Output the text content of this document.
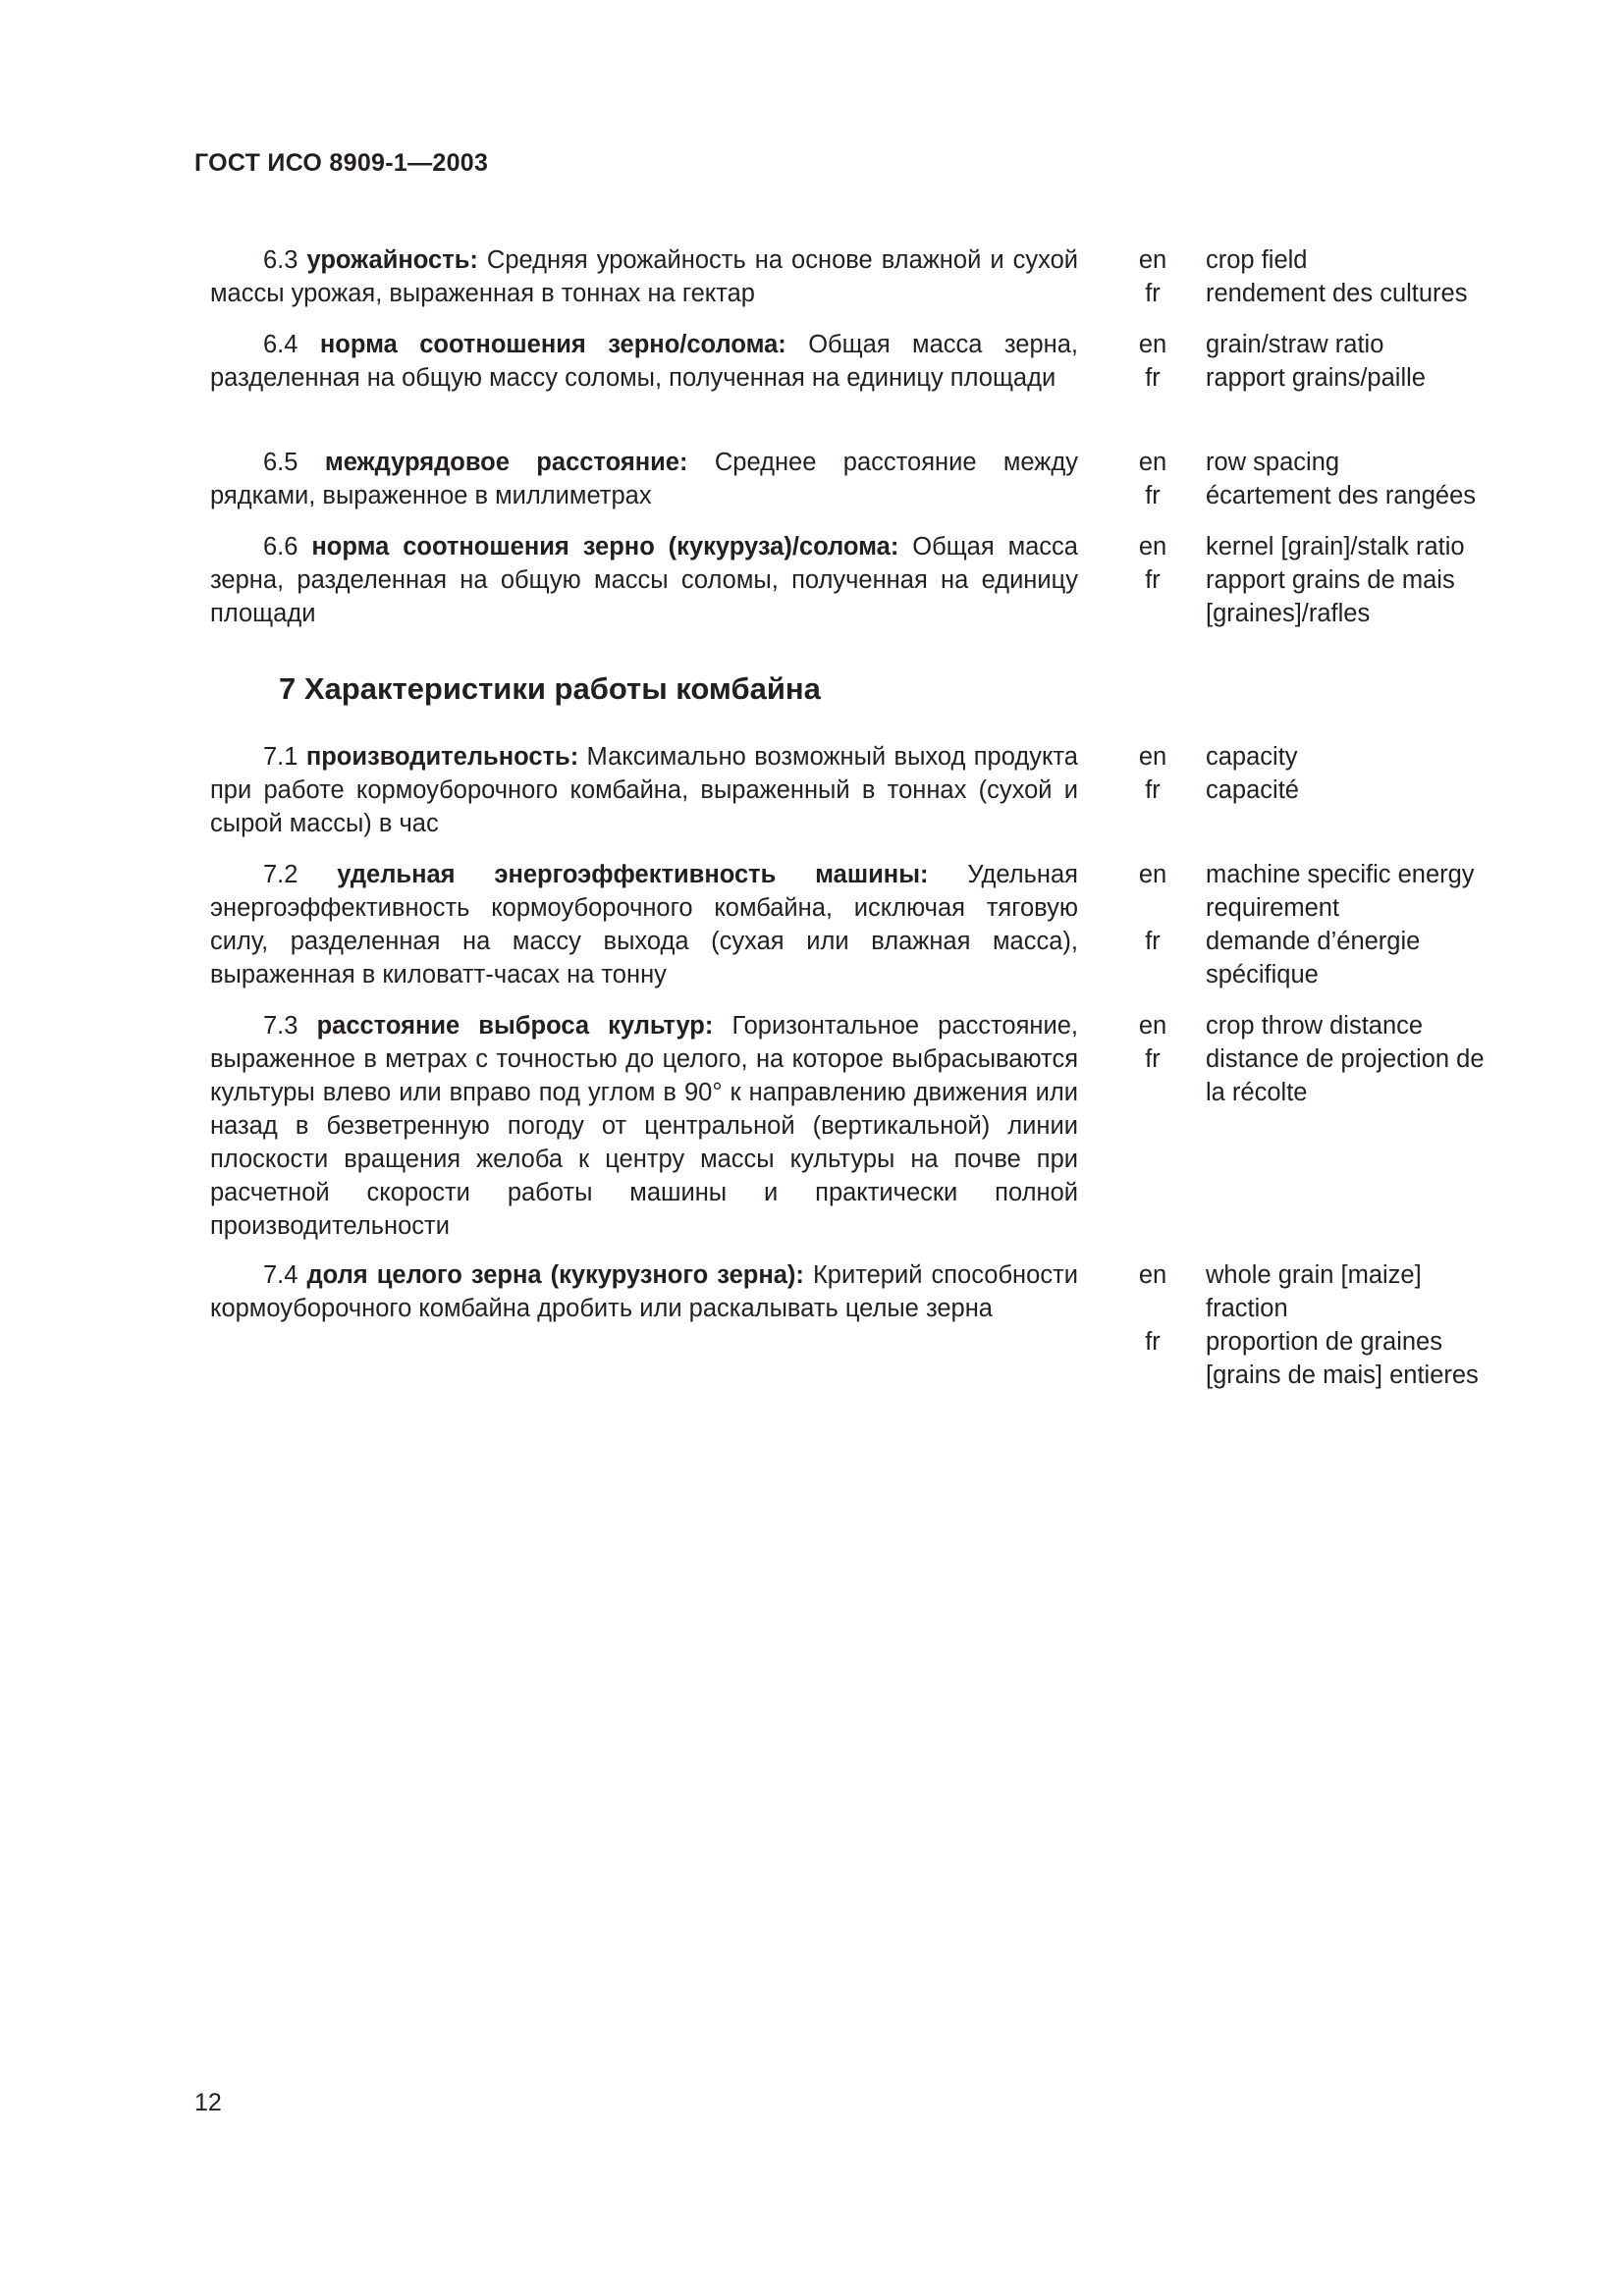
ГОСТ ИСО 8909-1—2003
6.3 урожайность: Средняя урожайность на основе влажной и сухой массы урожая, выраженная в тоннах на гектар
en	crop field
fr	rendement des cultures
6.4 норма соотношения зерно/солома: Общая масса зерна, разделенная на общую массу соломы, полученная на единицу площади
en	grain/straw ratio
fr	rapport grains/paille
6.5 междурядовое расстояние: Среднее расстояние между рядками, выраженное в миллиметрах
en	row spacing
fr	écartement des rangées
6.6 норма соотношения зерно (кукуруза)/солома: Общая масса зерна, разделенная на общую массы соломы, полученная на единицу площади
en	kernel [grain]/stalk ratio
fr	rapport grains de mais [graines]/rafles
7 Характеристики работы комбайна
7.1 производительность: Максимально возможный выход продукта при работе кормоуборочного комбайна, выраженный в тоннах (сухой и сырой массы) в час
en	capacity
fr	capacité
7.2 удельная энергоэффективность машины: Удельная энергоэффективность кормоуборочного комбайна, исключая тяговую силу, разделенная на массу выхода (сухая или влажная масса), выраженная в киловатт-часах на тонну
en	machine specific energy requirement
fr	demande d’énergie spécifique
7.3 расстояние выброса культур: Горизонтальное расстояние, выраженное в метрах с точностью до целого, на которое выбрасываются культуры влево или вправо под углом в 90° к направлению движения или назад в безветренную погоду от центральной (вертикальной) линии плоскости вращения желоба к центру массы культуры на почве при расчетной скорости работы машины и практически полной производительности
en	crop throw distance
fr	distance de projection de la récolte
7.4 доля целого зерна (кукурузного зерна): Критерий способности кормоуборочного комбайна дробить или раскалывать целые зерна
en	whole grain [maize] fraction
fr	proportion de graines [grains de mais] entieres
12
